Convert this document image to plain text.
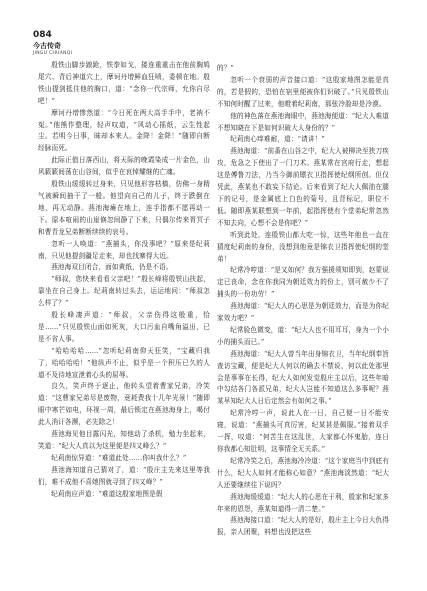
084
今古传奇
JINGU CHUANQI

殷铁山脚步踉跄，铁拳如戈，搂连重重击在他前胸鸠尾穴、背后神道穴上，摩诃丹增鲜血狂喷，委顿在地。殷铁山提剑抵住他的胸口，道：“念你一代宗师，允你自尽吧！”

摩诃丹增惨然道：“今日死在两大高手手中，老衲不冤。”他熊作整理，轻声叹道，“风动心摇纸，云生性起尘。若明今日事，昧却本来人。金降！金降！”随即自断经脉而死。

此际正值日落西山，将天际的晚霞染成一片金色，山风簌簌间荡在山谷间，似乎在哀悼耀继的亡魂。

殷铁山缓缓转过身来，只见他形容枯槁，仿佛一身精气被瞬间抽干了一般。他望向自己的儿子，终于跌倒在地，再无动静。燕池海瘫在地上，连手指都不愿再动一下。原本喧闹的山崖倏忽间静了下来，只偶尔传来胥冥子和曹青龙兄弟断断续续的哀号。

忽听一人唤道：“燕捕头，你没事吧？”原来是纪莉南，只见他提剑疆足走来，却也找寨得大近。

燕池海双目闭合，面如黄纸，仍是不语。

“师叔，您快来看看父亲吧！”殷长峰将殷铁山扶起，靠坐在自己身上。纪莉南转过头去，运运地问：“师叔怎么样了？”

殷长峰凄声道：“师叔，父亲伤得这般重，恰是……”只见殷铁山面如死灰，大口污血自嘴角溢出，已是不省人事。

“哈哈哈哈……”忽听纪莉南仰天狂笑，“宝藏归我了，哈哈哈哈！”他纵声不止，似乎是一个积压已久的人道不及待地宣泄着心头的屈辱。

良久，笑声终于逐止，他转头望着曹家兄弟，冷笑道：“这曹家兄弟尽是废物，竟耗费我十几年光景！”随即眼中寒芒如电，环视一周，最后锁定在燕池海身上，喝付此人消讦各濒，必先除之！

燕池海见他目露闪光，知他动了杀机，勉力坐起来，笑道：“纪大人真以为这里便是四又峰么？”

纪莉南惊异道：“难道此处……你叫我什么？”

燕池海知道自己猜对了，道：“殷庄主先来这里等我们，难不成他不喜她图就寻到了四又峰？”

纪莉南应声道：“难道这殷家地图是假

的？”

忽听一个衰弱的声音接口道：“这殷家地图怎能是真的，若是假的，恐怕在宿里便被你们识破了。”只见殷铁山不知何时醒了过来，他瞪着纪莉南，那张冷脸却是冷漠。

他的神色落在燕池海眼中，燕池海便道：“纪大人难道不想知晓在下是如何识破大人身份的？”

纪莉南心痒难耐，道：“请讲！”

燕池海道：“前番在山谷之中，纪大人被柳决至狭刀疾攻，危急之下使出了一门刀术。燕某常在宫府行走，想起这是傅鲁刀法，乃当今御前镖衣卫指挥使纪纲所创。但仅凭此，燕某也不敢妄下结论。后来看到了纪大人佩油在腿下的记号，是金属底上白色的菊号，且背标记，职位不低。随即燕某联想到一年前，起指挥使有个堂弟纪常忽然不知去向，心想不会是你吧？”

听到此处，连殷铁山都大吃一惊，这些年他也一直在猜度纪莉南的身份，没想到他竟是锦衣卫指挥使纪纲的堂弟！

纪常冷哼道：“是又如何？我方强援须知即到，赵蒙说定已丧命，念在你我同为朝廷效力的份上，别可赦少不了捕头的一份功劳！”

燕池海道：“纪大人的心思是为朝廷效力，而是为你纪家效力吧？”

纪常脸色微变，道：“纪大人也不用耳耳，身为一个小小的捕头而已。”

燕池海道：“纪大人曾当年出身锦衣卫，当年纪纲奉旨查访宝藏，便是纪大人何以的确去不禁说，何以此处那里会是事事在长得，纪大人如何发觉殷庄主以后，这些年暗中勾结各门各派兄弟，纪大人岂能不知道这么多事呢？燕某早知纪大人日后定然会有如何之事。”

纪常冷哼一声，说此人在一日，自己便一日不能安寝，说道：“燕捕头可真厉害，纪某甚是佩服。”接着双手一挥，叹道：“何苦生在这乱世，大家都心怀鬼胎，连日你我都心知肚明，这事情全无关系。”

纪常冷笑之后，燕池海冷冷道：“这个家庭当中到底有什么，纪大人如何才能称心如意？”燕池海淡然道：“纪大人还要继续往下说吗？

燕池海缓缓道：“纪大人的心思在于利，殷家和纪家多年来的恩怨，燕某知道得一清二楚。”

燕池海接口道：“纪大人的是好，殷庄主上今日大仇得报，亲人团聚，料想也没把这些
